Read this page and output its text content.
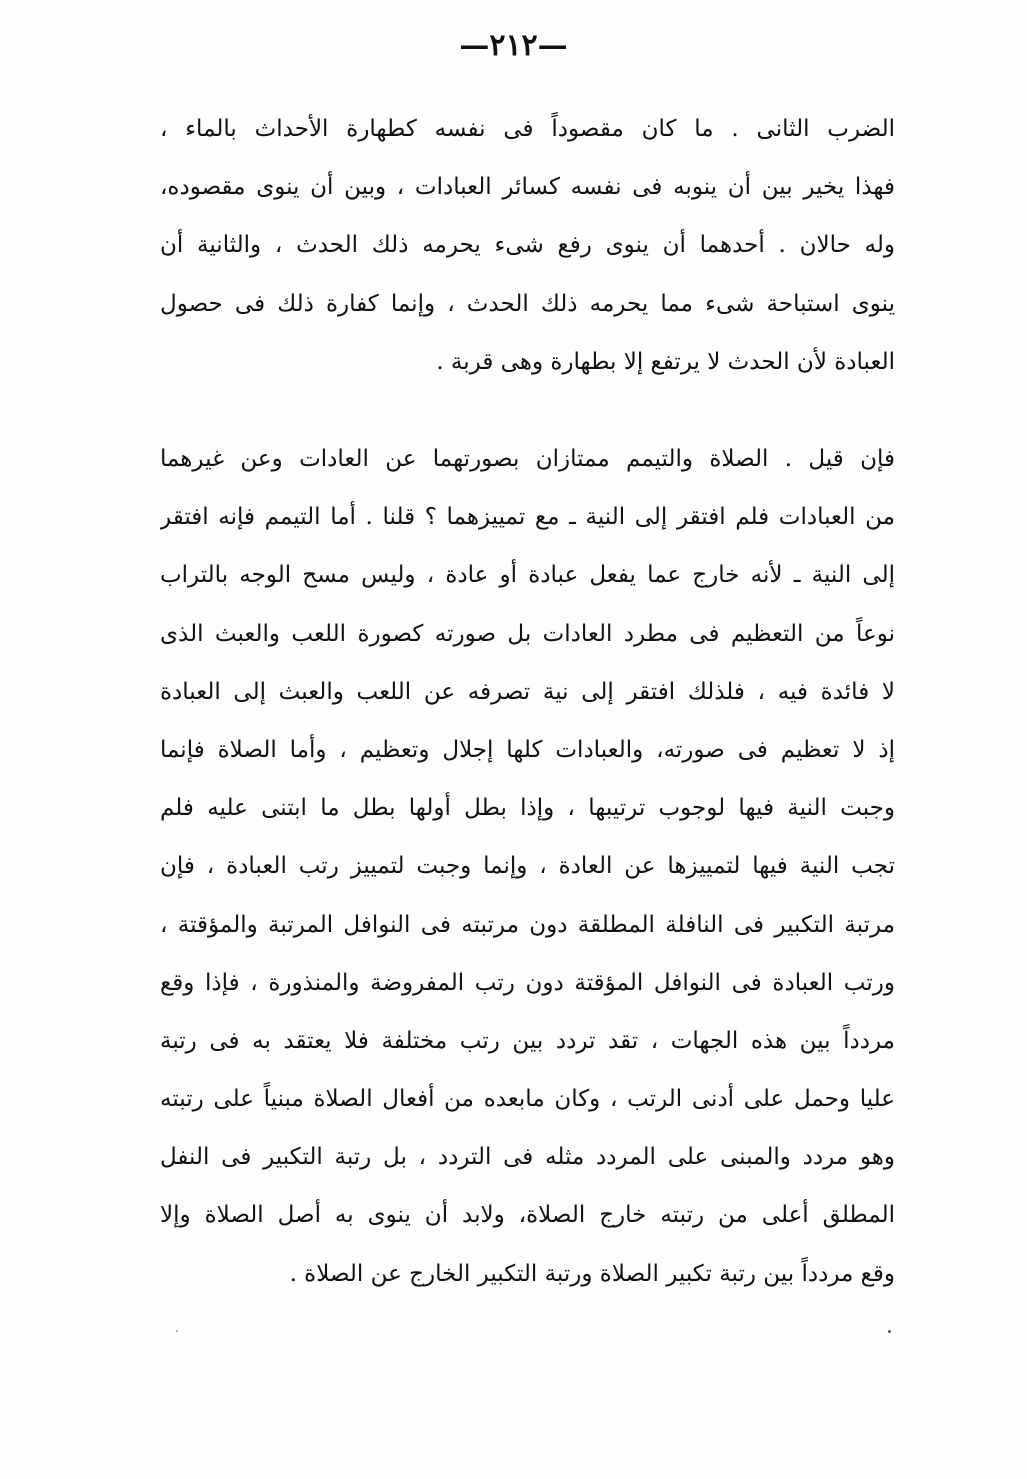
—٢١٢—
الضرب الثانى . ما كان مقصوداً فى نفسه كطهارة الأحداث بالماء ،
فهذا يخير بين أن ينوبه فى نفسه كسائر العبادات ، وبين أن ينوى مقصوده،
وله حالان . أحدهما أن ينوى رفع شىء يحرمه ذلك الحدث ، والثانية أن
ينوى استباحة شىء مما يحرمه ذلك الحدث ، وإنما كفارة ذلك فى حصول
العبادة لأن الحدث لا يرتفع إلا بطهارة وهى قربة .
فإن قيل . الصلاة والتيمم ممتازان بصورتهما عن العادات وعن غيرهما
من العبادات فلم افتقر إلى النية ـ مع تمييزهما ؟ قلنا . أما التيمم فإنه افتقر
إلى النية ـ لأنه خارج عما يفعل عبادة أو عادة ، وليس مسح الوجه بالتراب
نوعاً من التعظيم فى مطرد العادات بل صورته كصورة اللعب والعبث الذى
لا فائدة فيه ، فلذلك افتقر إلى نية تصرفه عن اللعب والعبث إلى العبادة
إذ لا تعظيم فى صورته، والعبادات كلها إجلال وتعظيم ، وأما الصلاة فإنما
وجبت النية فيها لوجوب ترتيبها ، وإذا بطل أولها بطل ما ابتنى عليه فلم
تجب النية فيها لتمييزها عن العادة ، وإنما وجبت لتمييز رتب العبادة ، فإن
مرتبة التكبير فى النافلة المطلقة دون مرتبته فى النوافل المرتبة والمؤقتة ،
ورتب العبادة فى النوافل المؤقتة دون رتب المفروضة والمنذورة ، فإذا وقع
مردداً بين هذه الجهات ، تقد تردد بين رتب مختلفة فلا يعتقد به فى رتبة
عليا وحمل على أدنى الرتب ، وكان مابعده من أفعال الصلاة مبنياً على رتبته
وهو مردد والمبنى على المردد مثله فى التردد ، بل رتبة التكبير فى النفل
المطلق أعلى من رتبته خارج الصلاة، ولابد أن ينوى به أصل الصلاة وإلا
وقع مردداً بين رتبة تكبير الصلاة ورتبة التكبير الخارج عن الصلاة .
